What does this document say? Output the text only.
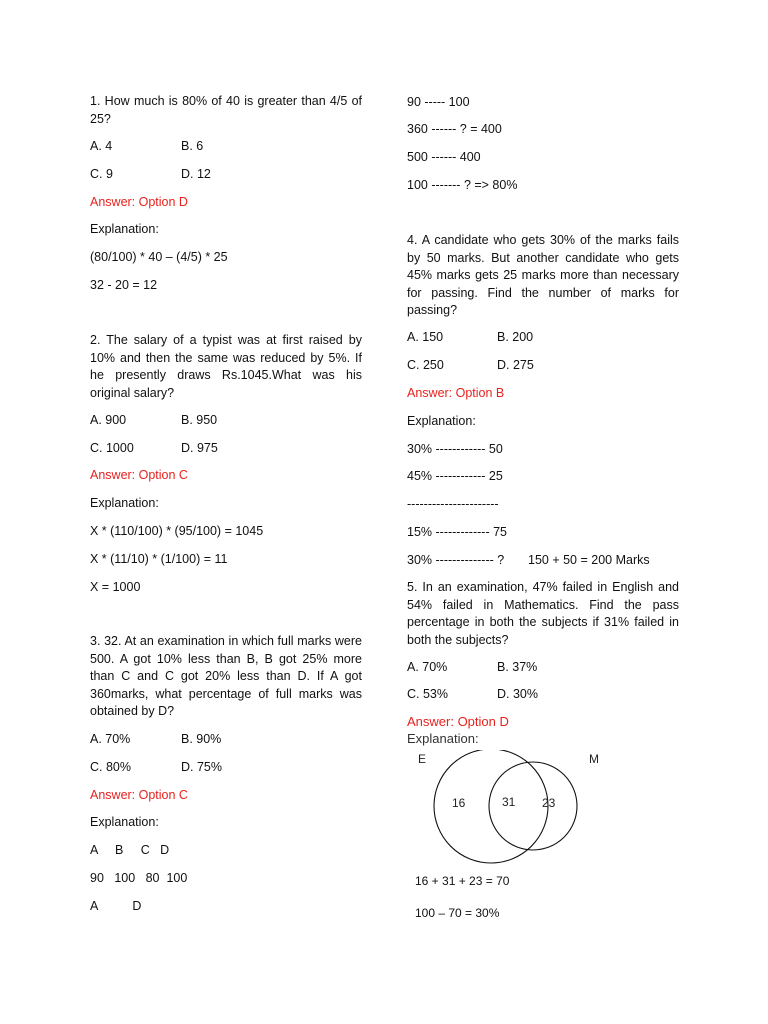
1. How much is 80% of 40 is greater than 4/5 of 25?

A. 4	B. 6
C. 9	D. 12
Answer: Option D
Explanation:
(80/100) * 40 – (4/5) * 25
32 - 20 = 12

2. The salary of a typist was at first raised by 10% and then the same was reduced by 5%. If he presently draws Rs.1045.What was his original salary?

A. 900	B. 950
C. 1000	D. 975
Answer: Option C
Explanation:
X * (110/100) * (95/100) = 1045
X * (11/10) * (1/100) = 11
X = 1000

3. 32. At an examination in which full marks were 500. A got 10% less than B, B got 25% more than C and C got 20% less than D. If A got 360marks, what percentage of full marks was obtained by D?

A. 70%	B. 90%
C. 80%	D. 75%
Answer: Option C
Explanation:
A     B     C   D
90   100   80  100
A          D
90 ----- 100
360 ------ ? = 400
500 ------ 400
100 ------- ? => 80%

4. A candidate who gets 30% of the marks fails by 50 marks. But another candidate who gets 45% marks gets 25 marks more than necessary for passing. Find the number of marks for passing?

A. 150	B. 200
C. 250	D. 275
Answer: Option B
Explanation:
30% ------------ 50
45% ------------ 25
----------------------
15% ------------- 75
30% -------------- ? 150 + 50 = 200 Marks

5. In an examination, 47% failed in English and 54% failed in Mathematics. Find the pass percentage in both the subjects if 31% failed in both the subjects?

A. 70%	B. 37%
C. 53%	D. 30%
Answer: Option D
Explanation:
E	M
16	31 23
16 + 31 + 23 = 70
100 – 70 = 30%
